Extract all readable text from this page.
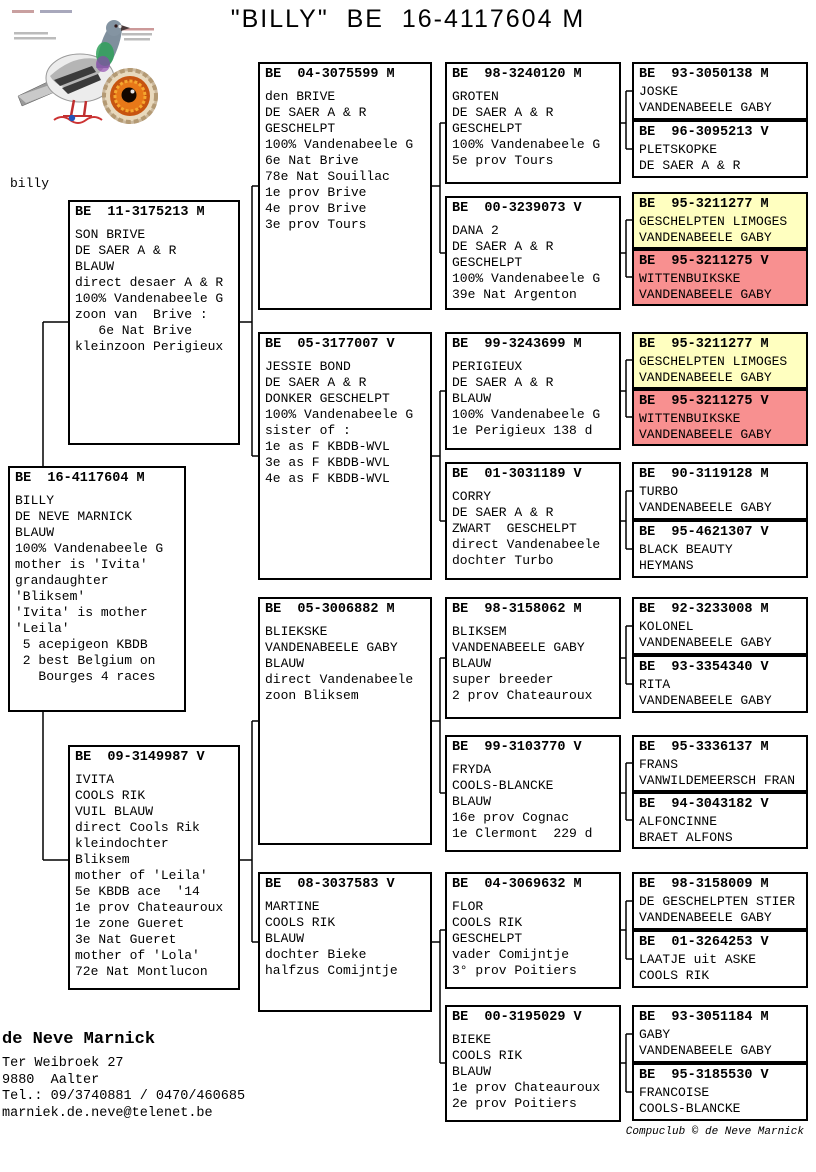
"BILLY"  BE  16-4117604 M
billy
BE  16-4117604 M
BILLY
DE NEVE MARNICK
BLAUW
100% Vandenabeele G
mother is 'Ivita'
grandaughter
'Bliksem'
'Ivita' is mother
'Leila'
5 acepigeon KBDB
2 best Belgium on
Bourges 4 races
BE  11-3175213 M
SON BRIVE
DE SAER A & R
BLAUW
direct desaer A & R
100% Vandenabeele G
zoon van  Brive :
6e Nat Brive
kleinzoon Perigieux
BE  09-3149987 V
IVITA
COOLS RIK
VUIL BLAUW
direct Cools Rik
kleindochter
Bliksem
mother of 'Leila'
5e KBDB ace  '14
1e prov Chateauroux
1e zone Gueret
3e Nat Gueret
mother of 'Lola'
72e Nat Montlucon
BE  04-3075599 M
den BRIVE
DE SAER A & R
GESCHELPT
100% Vandenabeele G
6e Nat Brive
78e Nat Souillac
1e prov Brive
4e prov Brive
3e prov Tours
BE  05-3177007 V
JESSIE BOND
DE SAER A & R
DONKER GESCHELPT
100% Vandenabeele G
sister of :
1e as F KBDB-WVL
3e as F KBDB-WVL
4e as F KBDB-WVL
BE  05-3006882 M
BLIEKSKE
VANDENABEELE GABY
BLAUW
direct Vandenabeele
zoon Bliksem
BE  08-3037583 V
MARTINE
COOLS RIK
BLAUW
dochter Bieke
halfzus Comijntje
BE  98-3240120 M
GROTEN
DE SAER A & R
GESCHELPT
100% Vandenabeele G
5e prov Tours
BE  00-3239073 V
DANA 2
DE SAER A & R
GESCHELPT
100% Vandenabeele G
39e Nat Argenton
BE  99-3243699 M
PERIGIEUX
DE SAER A & R
BLAUW
100% Vandenabeele G
1e Perigieux 138 d
BE  01-3031189 V
CORRY
DE SAER A & R
ZWART  GESCHELPT
direct Vandenabeele
dochter Turbo
BE  98-3158062 M
BLIKSEM
VANDENABEELE GABY
BLAUW
super breeder
2 prov Chateauroux
BE  99-3103770 V
FRYDA
COOLS-BLANCKE
BLAUW
16e prov Cognac
1e Clermont  229 d
BE  04-3069632 M
FLOR
COOLS RIK
GESCHELPT
vader Comijntje
3° prov Poitiers
BE  00-3195029 V
BIEKE
COOLS RIK
BLAUW
1e prov Chateauroux
2e prov Poitiers
BE  93-3050138 M
JOSKE
VANDENABEELE GABY
BE  96-3095213 V
PLETSKOPKE
DE SAER A & R
BE  95-3211277 M
GESCHELPTEN LIMOGES
VANDENABEELE GABY
BE  95-3211275 V
WITTENBUIKSKE
VANDENABEELE GABY
BE  95-3211277 M
GESCHELPTEN LIMOGES
VANDENABEELE GABY
BE  95-3211275 V
WITTENBUIKSKE
VANDENABEELE GABY
BE  90-3119128 M
TURBO
VANDENABEELE GABY
BE  95-4621307 V
BLACK BEAUTY
HEYMANS
BE  92-3233008 M
KOLONEL
VANDENABEELE GABY
BE  93-3354340 V
RITA
VANDENABEELE GABY
BE  95-3336137 M
FRANS
VANWILDEMEERSCH FRAN
BE  94-3043182 V
ALFONCINNE
BRAET ALFONS
BE  98-3158009 M
DE GESCHELPTEN STIER
VANDENABEELE GABY
BE  01-3264253 V
LAATJE uit ASKE
COOLS RIK
BE  93-3051184 M
GABY
VANDENABEELE GABY
BE  95-3185530 V
FRANCOISE
COOLS-BLANCKE
de Neve Marnick
Ter Weibroek 27
9880  Aalter
Tel.: 09/3740881 / 0470/460685
marniek.de.neve@telenet.be
Compuclub © de Neve Marnick
